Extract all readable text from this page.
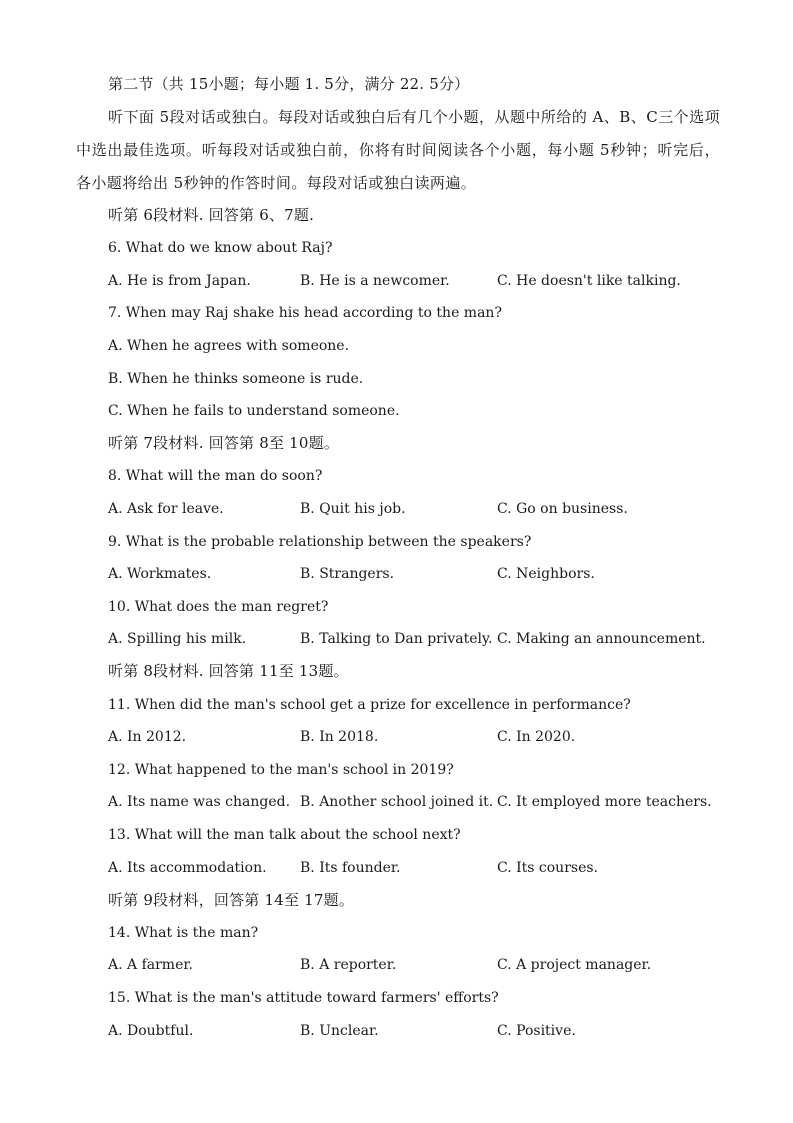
第二节（共 15小题；每小题 1. 5分，满分 22. 5分）
听下面 5段对话或独白。每段对话或独白后有几个小题，从题中所给的 A、B、C三个选项中选出最佳选项。听每段对话或独白前，你将有时间阅读各个小题，每小题 5秒钟；听完后，各小题将给出 5秒钟的作答时间。每段对话或独白读两遍。
听第 6段材料. 回答第 6、7题.
6. What do we know about Raj?
A. He is from Japan.	B. He is a newcomer.	C. He doesn't like talking.
7. When may Raj shake his head according to the man?
A. When he agrees with someone.
B. When he thinks someone is rude.
C. When he fails to understand someone.
听第 7段材料. 回答第 8至 10题。
8. What will the man do soon?
A. Ask for leave.	B. Quit his job.	C. Go on business.
9. What is the probable relationship between the speakers?
A. Workmates.	B. Strangers.	C. Neighbors.
10. What does the man regret?
A. Spilling his milk.	B. Talking to Dan privately. C. Making an announcement.
听第 8段材料. 回答第 11至 13题。
11. When did the man's school get a prize for excellence in performance?
A. In 2012.	B. In 2018.	C. In 2020.
12. What happened to the man's school in 2019?
A. Its name was changed. B. Another school joined it. C. It employed more teachers.
13. What will the man talk about the school next?
A. Its accommodation. B. Its founder.	C. Its courses.
听第 9段材料，回答第 14至 17题。
14. What is the man?
A. A farmer.	B. A reporter.	C. A project manager.
15. What is the man's attitude toward farmers' efforts?
A. Doubtful.	B. Unclear.	C. Positive.
